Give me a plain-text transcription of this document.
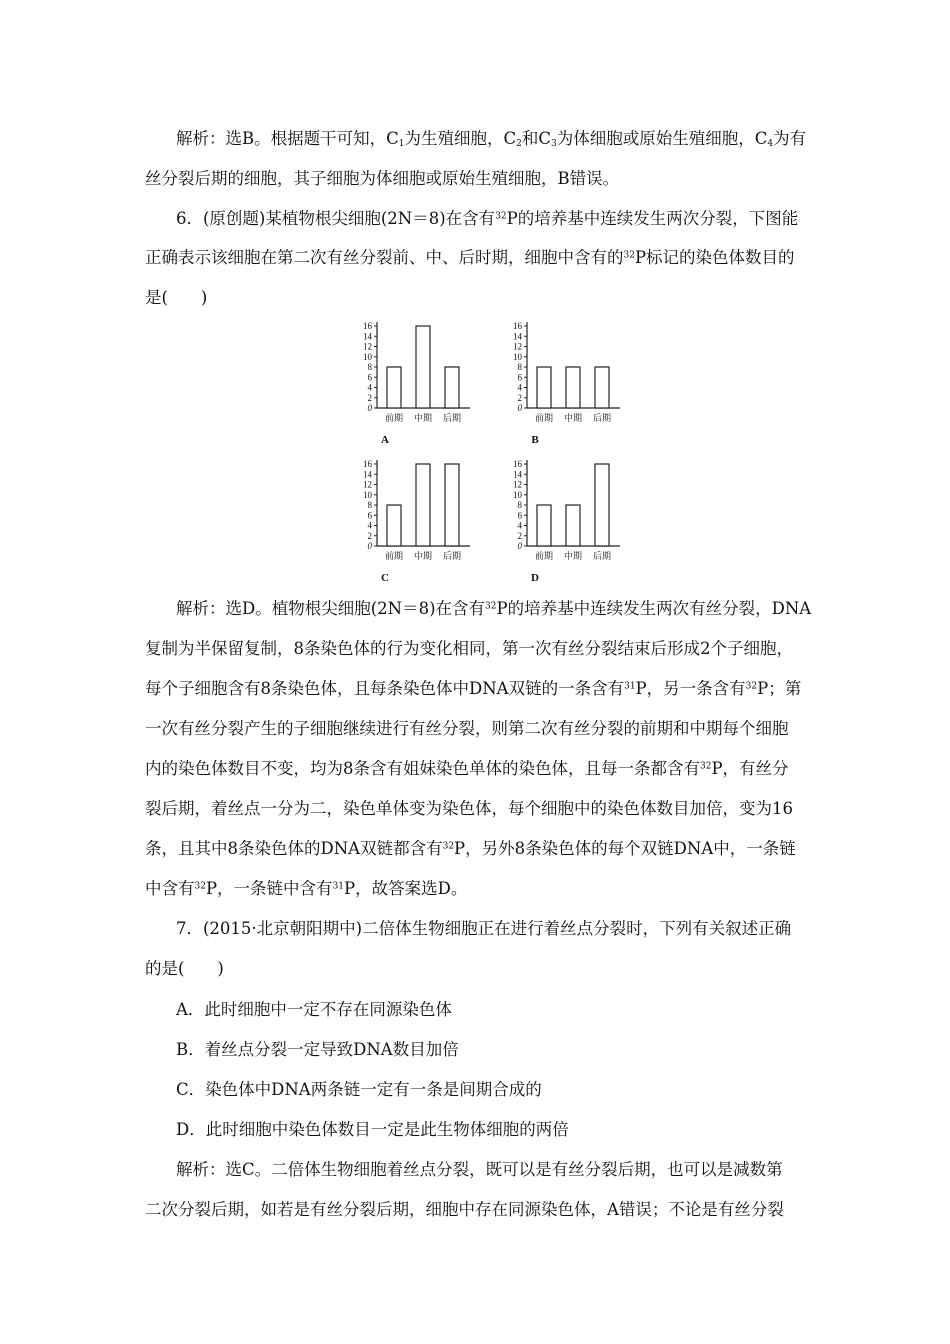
解析：选B。根据题干可知，$C_1$为生殖细胞，$C_2$和$C_3$为体细胞或原始生殖细胞，$C_4$为有
丝分裂后期的细胞，其子细胞为体细胞或原始生殖细胞，B错误。
6．(原创题)某植物根尖细胞(2N＝8)在含有$^{32}$P的培养基中连续发生两次分裂，下图能
正确表示该细胞在第二次有丝分裂前、中、后时期，细胞中含有的$^{32}$P标记的染色体数目的
是(　　)
0
2
4
6
8
10
12
14
16
前期 中期 后期
A
0
2
4
6
8
10
12
14
16
前期 中期 后期
B
0
2
4
6
8
10
12
14
16
前期 中期 后期
C
0
2
4
6
8
10
12
14
16
前期 中期 后期
D
解析：选D。植物根尖细胞(2N＝8)在含有$^{32}$P的培养基中连续发生两次有丝分裂，DNA
复制为半保留复制，8条染色体的行为变化相同，第一次有丝分裂结束后形成2个子细胞，
每个子细胞含有8条染色体，且每条染色体中DNA双链的一条含有$^{31}$P，另一条含有$^{32}$P；第
一次有丝分裂产生的子细胞继续进行有丝分裂，则第二次有丝分裂的前期和中期每个细胞
内的染色体数目不变，均为8条含有姐妹染色单体的染色体，且每一条都含有$^{32}$P，有丝分
裂后期，着丝点一分为二，染色单体变为染色体，每个细胞中的染色体数目加倍，变为16
条，且其中8条染色体的DNA双链都含有$^{32}$P，另外8条染色体的每个双链DNA中，一条链
中含有$^{32}$P，一条链中含有$^{31}$P，故答案选D。
7．(2015·北京朝阳期中)二倍体生物细胞正在进行着丝点分裂时，下列有关叙述正确
的是(　　)
A．此时细胞中一定不存在同源染色体
B．着丝点分裂一定导致DNA数目加倍
C．染色体中DNA两条链一定有一条是间期合成的
D．此时细胞中染色体数目一定是此生物体细胞的两倍
解析：选C。二倍体生物细胞着丝点分裂，既可以是有丝分裂后期，也可以是减数第
二次分裂后期，如若是有丝分裂后期，细胞中存在同源染色体，A错误；不论是有丝分裂
